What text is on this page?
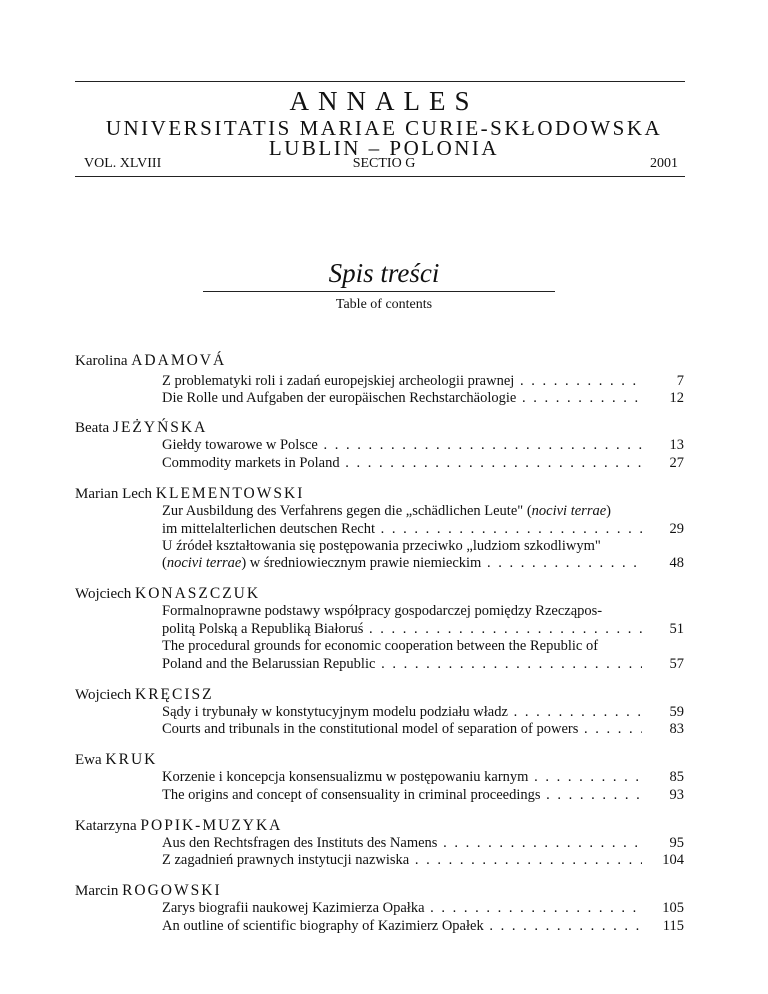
ANNALES
UNIVERSITATIS MARIAE CURIE-SKŁODOWSKA
LUBLIN – POLONIA
VOL. XLVIII	SECTIO G	2001
Spis treści
Table of contents
Karolina ADAMOVÁ
Z problematyki roli i zadań europejskiej archeologii prawnej . . .	7
Die Rolle und Aufgaben der europäischen Rechstarchäologie . . .	12
Beata JEŻYŃSKA
Giełdy towarowe w Polsce . . .	13
Commodity markets in Poland . . .	27
Marian Lech KLEMENTOWSKI
Zur Ausbildung des Verfahrens gegen die „schädlichen Leute" (nocivi terrae)
im mittelalterlichen deutschen Recht . . .	29
U źródeł kształtowania się postępowania przeciwko „ludziom szkodliwym"
(nocivi terrae) w średniowiecznym prawie niemieckim . . .	48
Wojciech KONASZCZUK
Formalnoprawne podstawy współpracy gospodarczej pomiędzy Rzecząpos-
politą Polską a Republiką Białoruś . . .	51
The procedural grounds for economic cooperation between the Republic of
Poland and the Belarussian Republic . . .	57
Wojciech KRĘCISZ
Sądy i trybunały w konstytucyjnym modelu podziału władz . . .	59
Courts and tribunals in the constitutional model of separation of powers . . .	83
Ewa KRUK
Korzenie i koncepcja konsensualizmu w postępowaniu karnym . . .	85
The origins and concept of consensuality in criminal proceedings . . .	93
Katarzyna POPIK-MUZYKA
Aus den Rechtsfragen des Instituts des Namens . . .	95
Z zagadnień prawnych instytucji nazwiska . . .	104
Marcin ROGOWSKI
Zarys biografii naukowej Kazimierza Opałka . . .	105
An outline of scientific biography of Kazimierz Opałek . . .	115
